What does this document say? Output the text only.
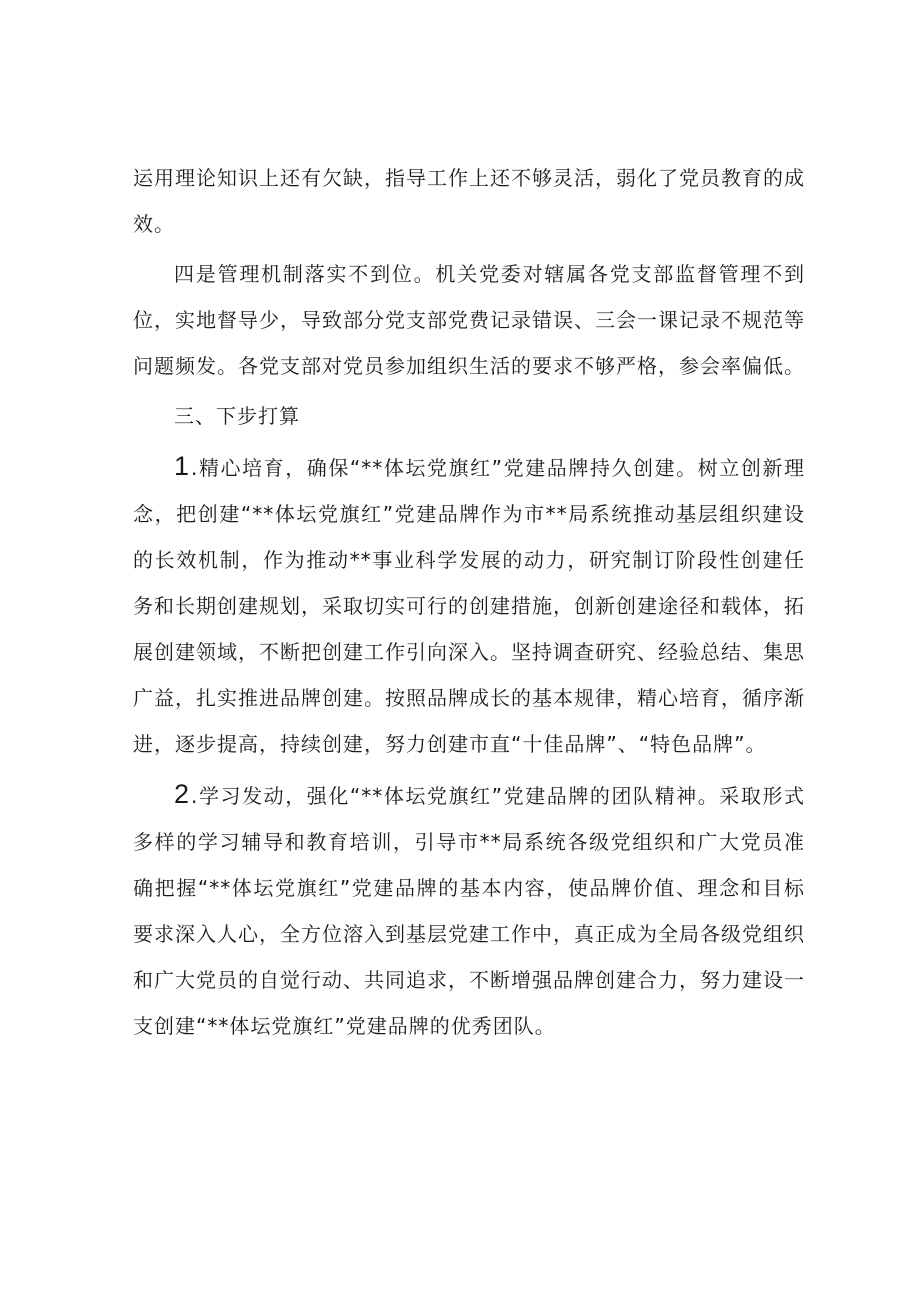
运用理论知识上还有欠缺，指导工作上还不够灵活，弱化了党员教育的成效。

四是管理机制落实不到位。机关党委对辖属各党支部监督管理不到位，实地督导少，导致部分党支部党费记录错误、三会一课记录不规范等问题频发。各党支部对党员参加组织生活的要求不够严格，参会率偏低。

三、下步打算

1 .精心培育，确保“**体坛党旗红”党建品牌持久创建。树立创新理念，把创建“**体坛党旗红”党建品牌作为市**局系统推动基层组织建设的长效机制，作为推动**事业科学发展的动力，研究制订阶段性创建任务和长期创建规划，采取切实可行的创建措施，创新创建途径和载体，拓展创建领域，不断把创建工作引向深入。坚持调查研究、经验总结、集思广益，扎实推进品牌创建。按照品牌成长的基本规律，精心培育，循序渐进，逐步提高，持续创建，努力创建市直“十佳品牌”、“特色品牌”。

2 .学习发动，强化“**体坛党旗红”党建品牌的团队精神。采取形式多样的学习辅导和教育培训，引导市**局系统各级党组织和广大党员准确把握“**体坛党旗红”党建品牌的基本内容，使品牌价值、理念和目标要求深入人心，全方位溶入到基层党建工作中，真正成为全局各级党组织和广大党员的自觉行动、共同追求，不断增强品牌创建合力，努力建设一支创建“**体坛党旗红”党建品牌的优秀团队。
